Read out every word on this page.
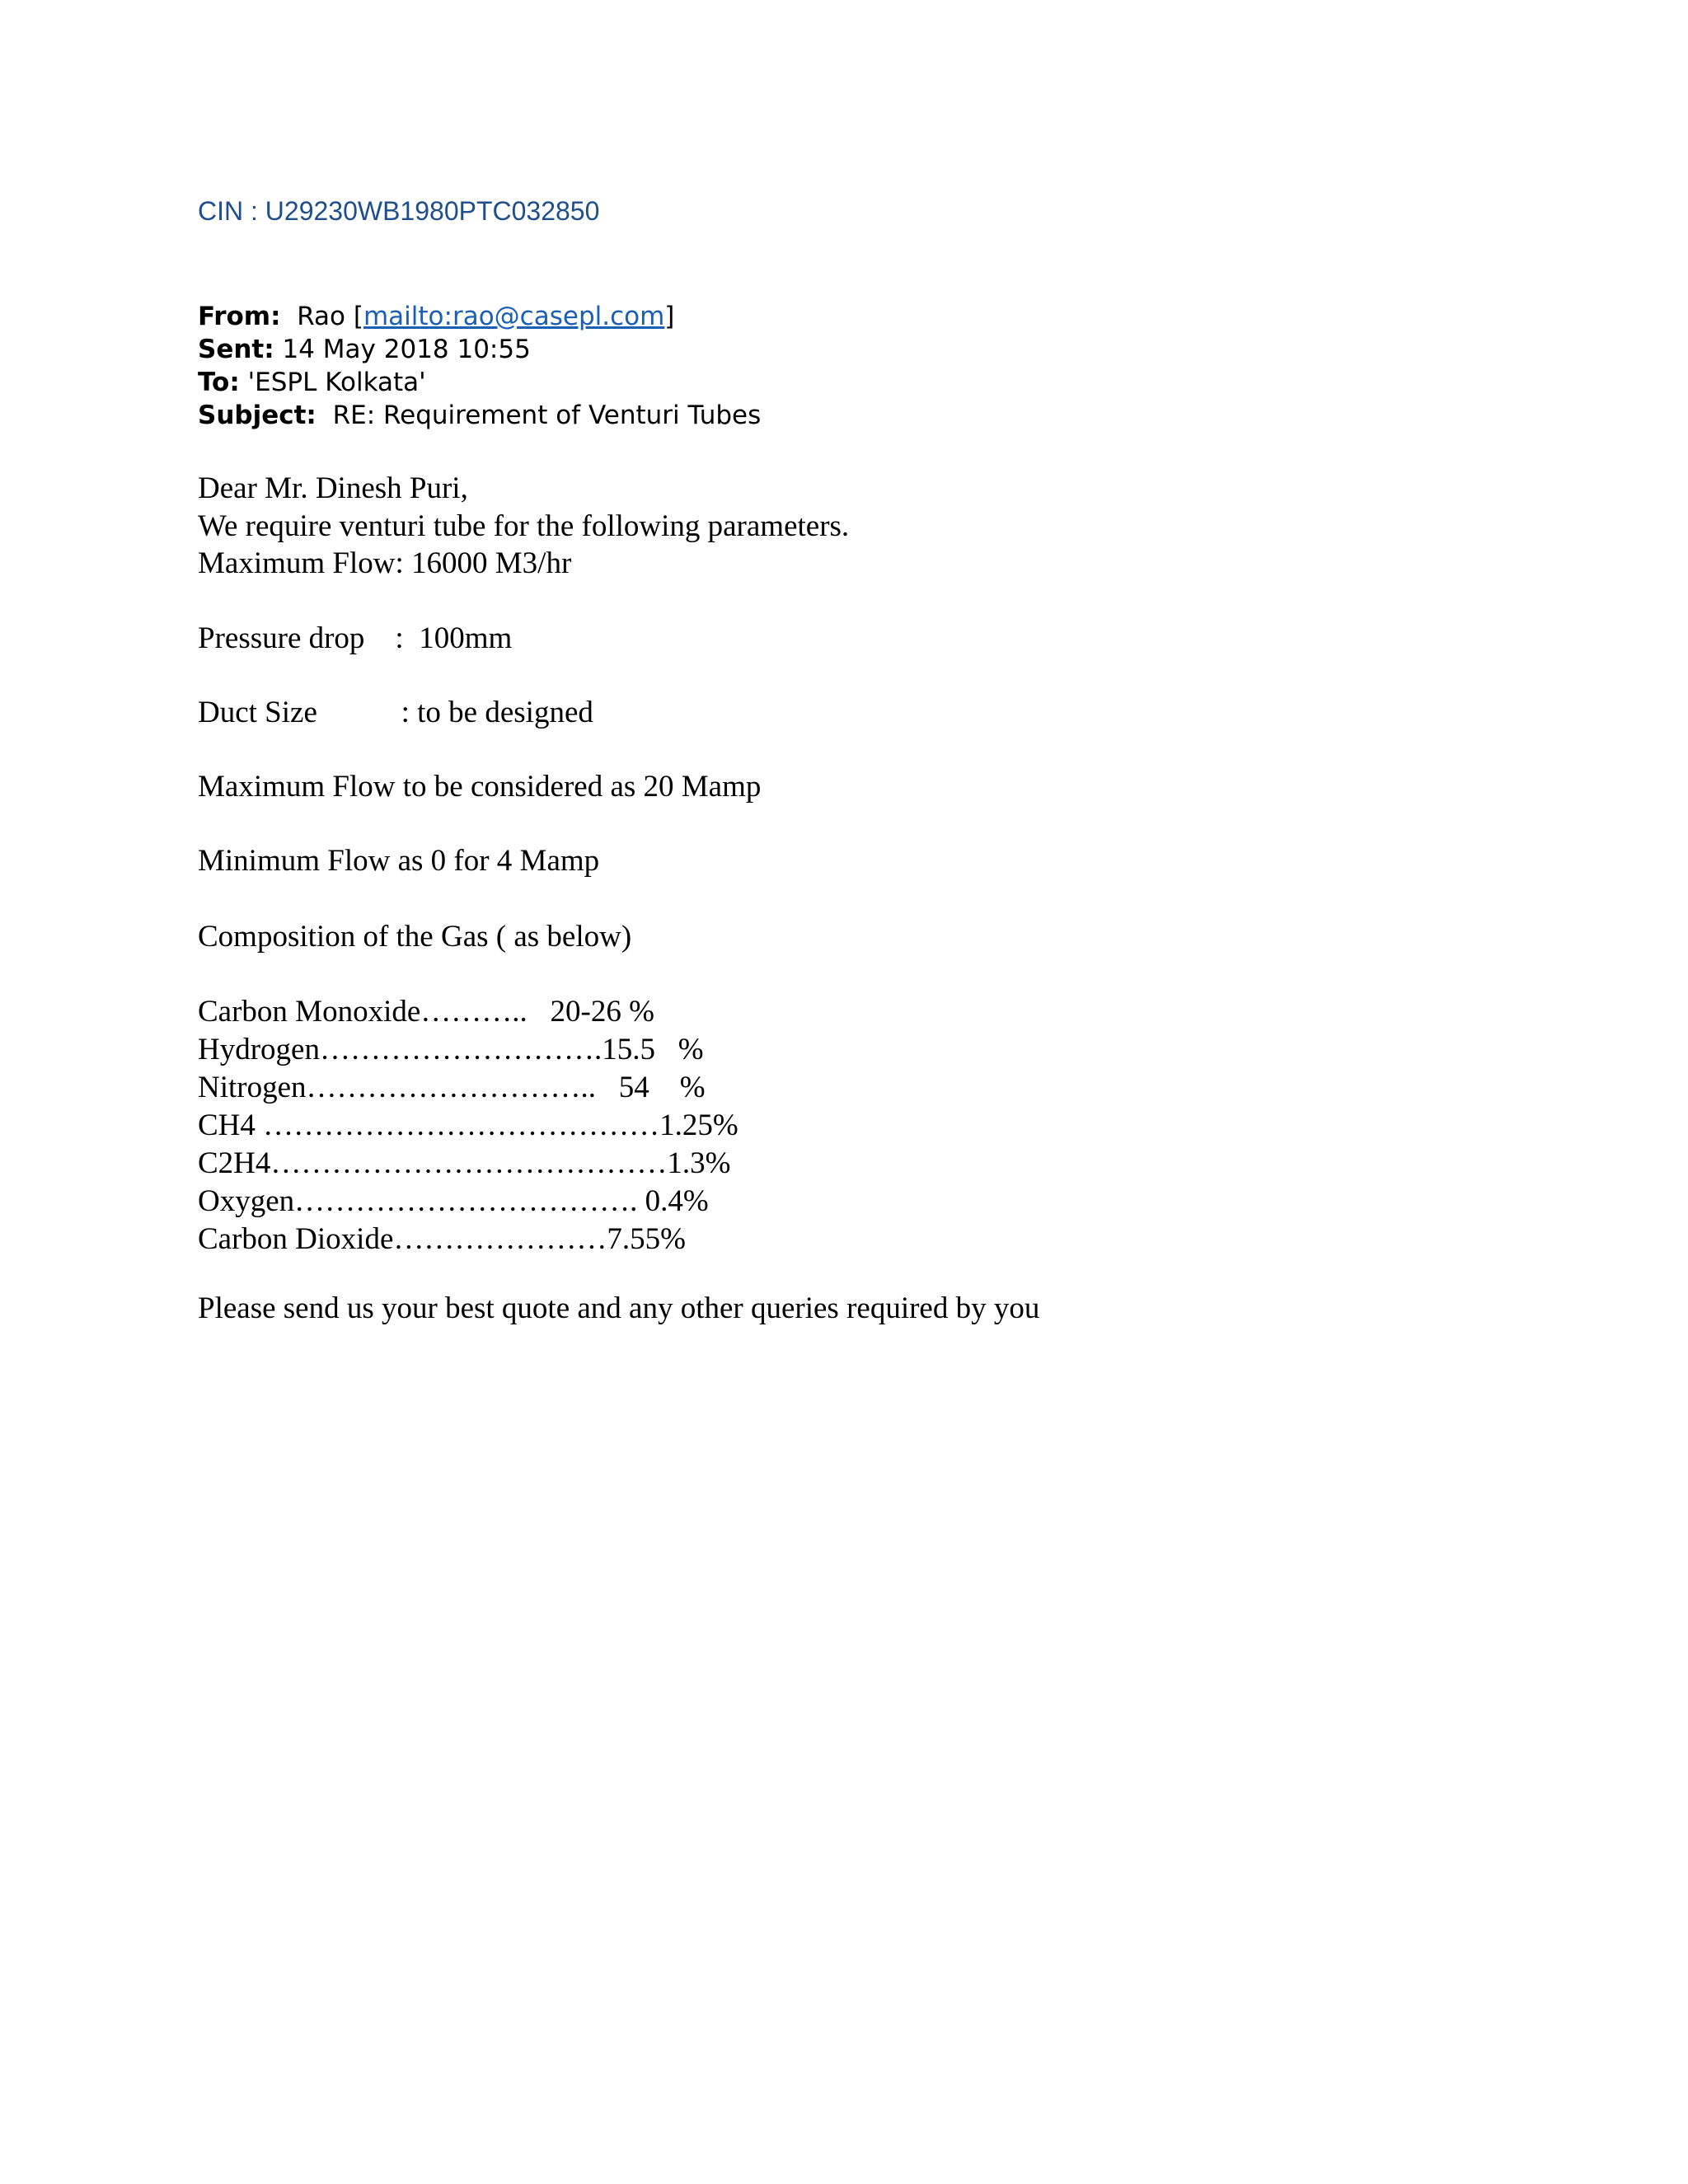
CIN : U29230WB1980PTC032850
From: Rao [mailto:rao@casepl.com]
Sent: 14 May 2018 10:55
To: 'ESPL Kolkata'
Subject: RE: Requirement of Venturi Tubes
Dear Mr. Dinesh Puri,
We require venturi tube for the following parameters.
Maximum Flow: 16000 M3/hr
Pressure drop    :  100mm
Duct Size           : to be designed
Maximum Flow to be considered as 20 Mamp
Minimum Flow as 0 for 4 Mamp
Composition of the Gas ( as below)
Carbon Monoxide………..   20-26 %
Hydrogen……………………….15.5   %
Nitrogen………………………..   54    %
CH4 …………………………………1.25%
C2H4…………………………………1.3%
Oxygen……………………………. 0.4%
Carbon Dioxide…………………7.55%
Please send us your best quote and any other queries required by you
